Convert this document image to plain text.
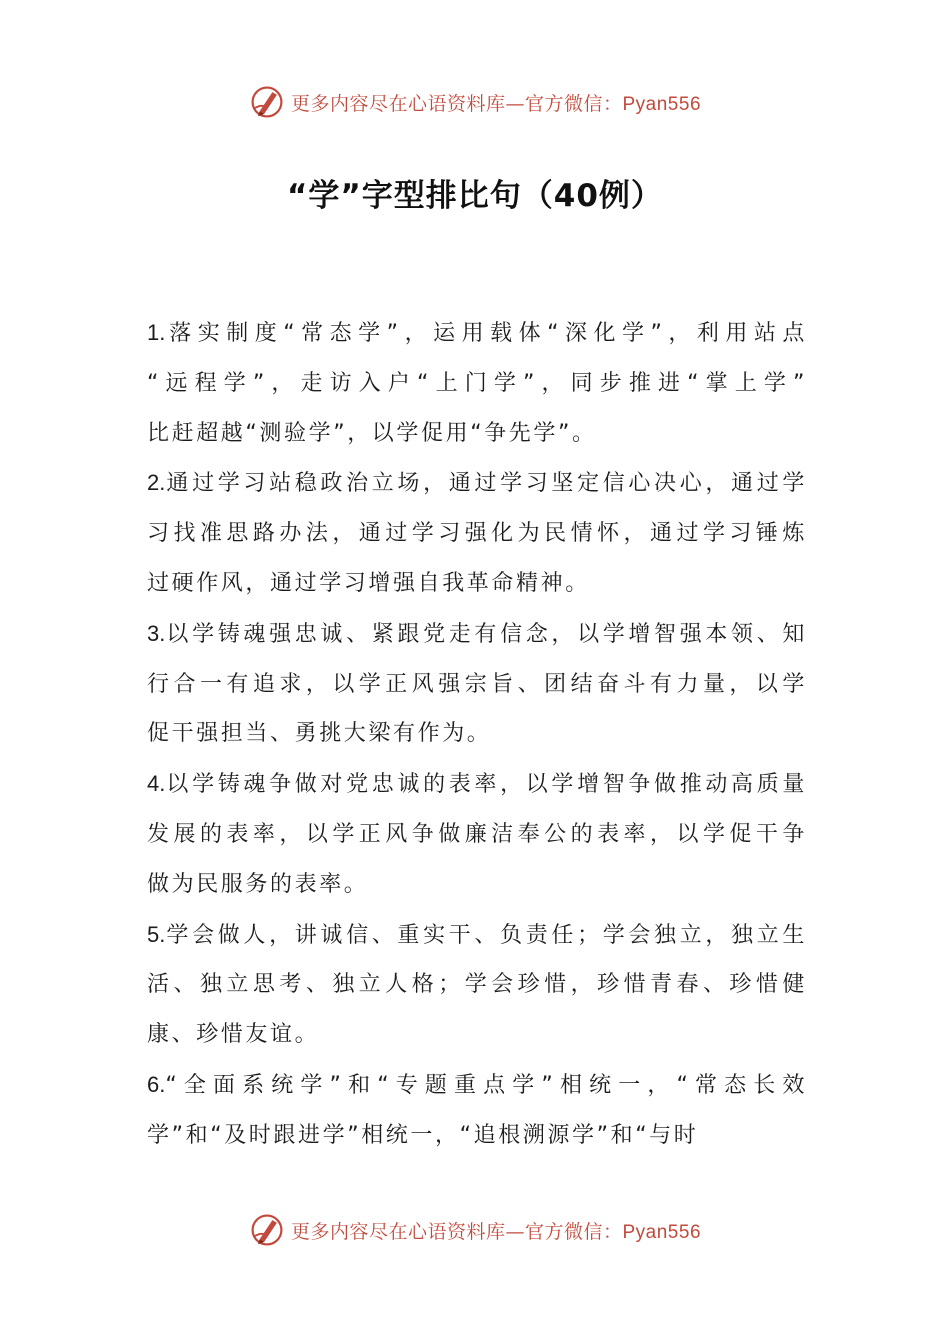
更多内容尽在心语资料库—官方微信：Pyan556
“学”字型排比句（40例）

1.落实制度“常态学”，运用载体“深化学”，利用站点
“远程学”，走访入户“上门学”，同步推进“掌上学”
比赶超越“测验学”，以学促用“争先学”。

2.通过学习站稳政治立场，通过学习坚定信心决心，通过学
习找准思路办法，通过学习强化为民情怀，通过学习锤炼
过硬作风，通过学习增强自我革命精神。

3.以学铸魂强忠诚、紧跟党走有信念，以学增智强本领、知
行合一有追求，以学正风强宗旨、团结奋斗有力量，以学
促干强担当、勇挑大梁有作为。

4.以学铸魂争做对党忠诚的表率，以学增智争做推动高质量
发展的表率，以学正风争做廉洁奉公的表率，以学促干争
做为民服务的表率。

5.学会做人，讲诚信、重实干、负责任；学会独立，独立生
活、独立思考、独立人格；学会珍惜，珍惜青春、珍惜健
康、珍惜友谊。

6.“全面系统学”和“专题重点学”相统一，“常态长效
学”和“及时跟进学”相统一，“追根溯源学”和“与时

更多内容尽在心语资料库—官方微信：Pyan556
